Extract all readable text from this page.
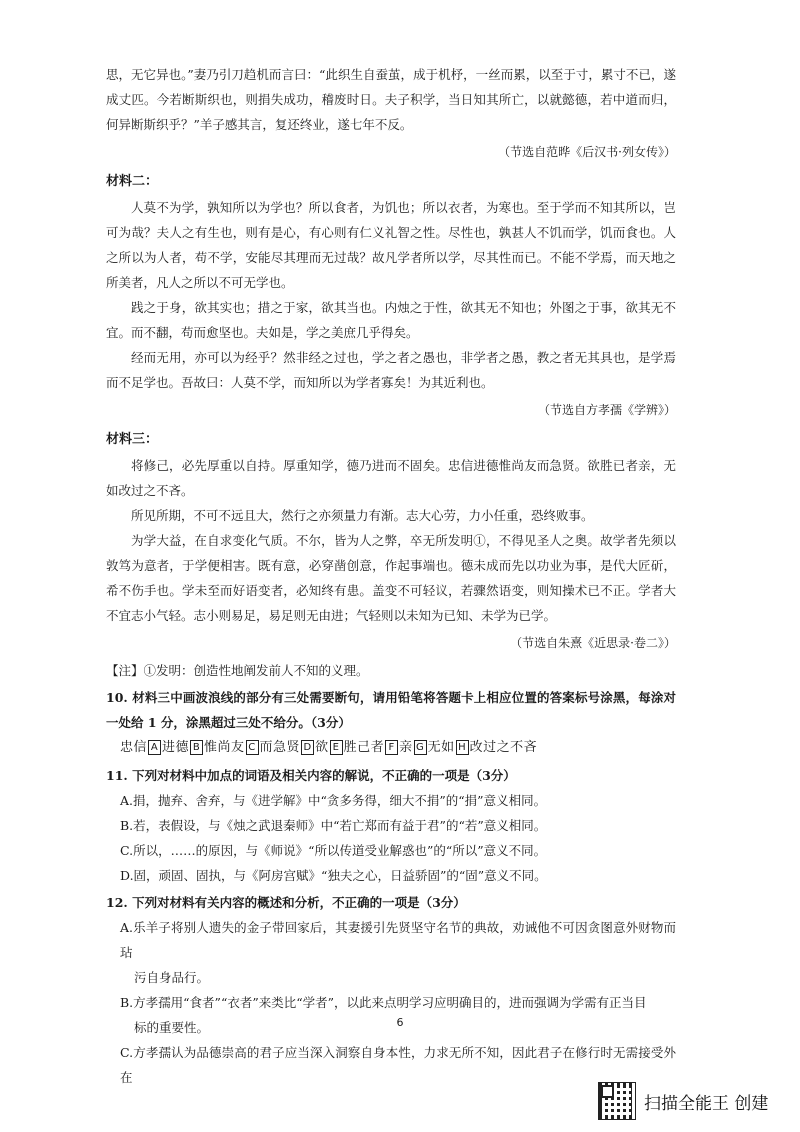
思，无它异也。”妻乃引刀趋机而言曰：“此织生自蚕茧，成于机杼，一丝而累，以至于寸，累寸不已，遂成丈匹。今若断斯织也，则捐失成功，稽废时日。夫子积学，当日知其所亡，以就懿德，若中道而归，何异断斯织乎？”羊子感其言，复还终业，遂七年不反。

（节选自范晔《后汉书·列女传》）

材料二：

人莫不为学，孰知所以为学也？所以食者，为饥也；所以衣者，为寒也。至于学而不知其所以，岂可为哉？夫人之有生也，则有是心，有心则有仁义礼智之性。尽性也，孰甚人不饥而学，饥而食也。人之所以为人者，苟不学，安能尽其理而无过哉？故凡学者所以学，尽其性而已。不能不学焉，而天地之所美者，凡人之所以不可无学也。

践之于身，欲其实也；措之于家，欲其当也。内烛之于性，欲其无不知也；外图之于事，欲其无不宜。而不翻，苟而愈坚也。夫如是，学之美庶几乎得矣。

经而无用，亦可以为经乎？然非经之过也，学之者之愚也，非学者之愚，教之者无其具也，是学焉而不足学也。吾故曰：人莫不学，而知所以为学者寡矣！为其近利也。

（节选自方孝孺《学辨》）

材料三：

将修己，必先厚重以自持。厚重知学，德乃进而不固矣。忠信进德惟尚友而急贤。欲胜已者亲，无如改过之不吝。

所见所期，不可不远且大，然行之亦须量力有渐。志大心劳，力小任重，恐终败事。

为学大益，在自求变化气质。不尔，皆为人之弊，卒无所发明①，不得见圣人之奥。故学者先须以敦笃为意者，于学便相害。既有意，必穿凿创意，作起事端也。德未成而先以功业为事，是代大匠斫，希不伤手也。学未至而好语变者，必知终有患。盖变不可轻议，若骤然语变，则知操术已不正。学者大不宜志小气轻。志小则易足，易足则无由进；气轻则以未知为已知、未学为已学。

（节选自朱熹《近思录·卷二》）

【注】①发明：创造性地阐发前人不知的义理。

10. 材料三中画波浪线的部分有三处需要断句，请用铅笔将答题卡上相应位置的答案标号涂黑，每涂对一处给 1 分，涂黑超过三处不给分。（3分）

忠信 A 进德 B 惟尚友 C 而急贤 D 欲 E 胜己者 F 亲 G 无如 H 改过之不吝

11. 下列对材料中加点的词语及相关内容的解说，不正确的一项是（3分）

A.捐，抛弃、舍弃，与《进学解》中“贪多务得，细大不捐”的“捐”意义相同。

B.若，表假设，与《烛之武退秦师》中“若亡郑而有益于君”的“若”意义相同。

C.所以，……的原因，与《师说》“所以传道受业解惑也”的“所以”意义不同。

D.固，顽固、固执，与《阿房宫赋》“独夫之心，日益骄固”的“固”意义不同。

12. 下列对材料有关内容的概述和分析，不正确的一项是（3分）

A.乐羊子将别人遗失的金子带回家后，其妻援引先贤坚守名节的典故，劝诫他不可因贪图意外财物而玷
污自身品行。

B.方孝孺用“食者”“衣者”来类比“学者”，以此来点明学习应明确目的，进而强调为学需有正当目
标的重要性。

C.方孝孺认为品德崇高的君子应当深入洞察自身本性，力求无所不知，因此君子在修行时无需接受外在

6
扫描全能王 创建
